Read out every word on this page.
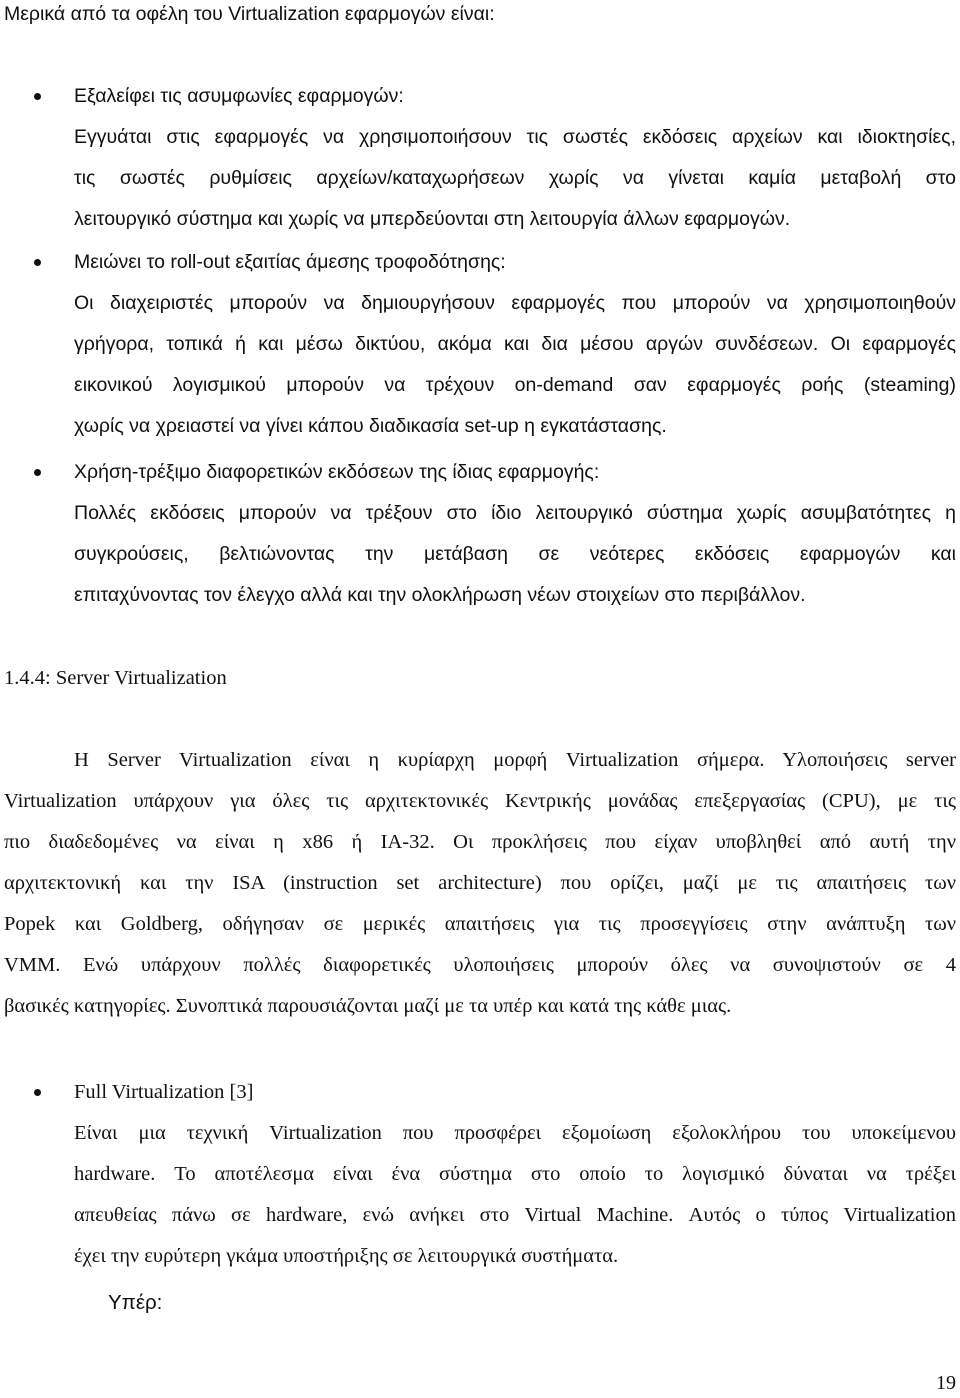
Μερικά από τα οφέλη του Virtualization εφαρμογών είναι:
Εξαλείφει τις ασυμφωνίες εφαρμογών:
Εγγυάται στις εφαρμογές να χρησιμοποιήσουν τις σωστές εκδόσεις αρχείων και ιδιοκτησίες,
τις σωστές ρυθμίσεις αρχείων/καταχωρήσεων χωρίς να γίνεται καμία μεταβολή στο
λειτουργικό σύστημα και χωρίς να μπερδεύονται στη λειτουργία άλλων εφαρμογών.
Μειώνει το roll-out εξαιτίας άμεσης τροφοδότησης:
Οι διαχειριστές μπορούν να δημιουργήσουν εφαρμογές που μπορούν να χρησιμοποιηθούν
γρήγορα, τοπικά ή και μέσω δικτύου, ακόμα και δια μέσου αργών συνδέσεων. Οι εφαρμογές
εικονικού λογισμικού μπορούν να τρέχουν on-demand σαν εφαρμογές ροής (steaming)
χωρίς να χρειαστεί να γίνει κάπου διαδικασία set-up η εγκατάστασης.
Χρήση-τρέξιμο διαφορετικών εκδόσεων της ίδιας εφαρμογής:
Πολλές εκδόσεις μπορούν να τρέξουν στο ίδιο λειτουργικό σύστημα χωρίς ασυμβατότητες η
συγκρούσεις, βελτιώνοντας την μετάβαση σε νεότερες εκδόσεις εφαρμογών και
επιταχύνοντας τον έλεγχο αλλά και την ολοκλήρωση νέων στοιχείων στο περιβάλλον.
1.4.4: Server Virtualization
Η Server Virtualization είναι η κυρίαρχη μορφή Virtualization σήμερα. Υλοποιήσεις server
Virtualization υπάρχουν για όλες τις αρχιτεκτονικές Κεντρικής μονάδας επεξεργασίας (CPU), με τις
πιο διαδεδομένες να είναι η x86 ή IA-32. Οι προκλήσεις που είχαν υποβληθεί από αυτή την
αρχιτεκτονική και την ISA (instruction set architecture) που ορίζει, μαζί με τις απαιτήσεις των
Popek και Goldberg, οδήγησαν σε μερικές απαιτήσεις για τις προσεγγίσεις στην ανάπτυξη των
VMM. Ενώ υπάρχουν πολλές διαφορετικές υλοποιήσεις μπορούν όλες να συνοψιστούν σε 4
βασικές κατηγορίες. Συνοπτικά παρουσιάζονται μαζί με τα υπέρ και κατά της κάθε μιας.
Full Virtualization [3]
Είναι μια τεχνική Virtualization που προσφέρει εξομοίωση εξολοκλήρου του υποκείμενου
hardware. Το αποτέλεσμα είναι ένα σύστημα στο οποίο το λογισμικό δύναται να τρέξει
απευθείας πάνω σε hardware, ενώ ανήκει στο Virtual Machine. Αυτός ο τύπος Virtualization
έχει την ευρύτερη γκάμα υποστήριξης σε λειτουργικά συστήματα.
Υπέρ:
19
